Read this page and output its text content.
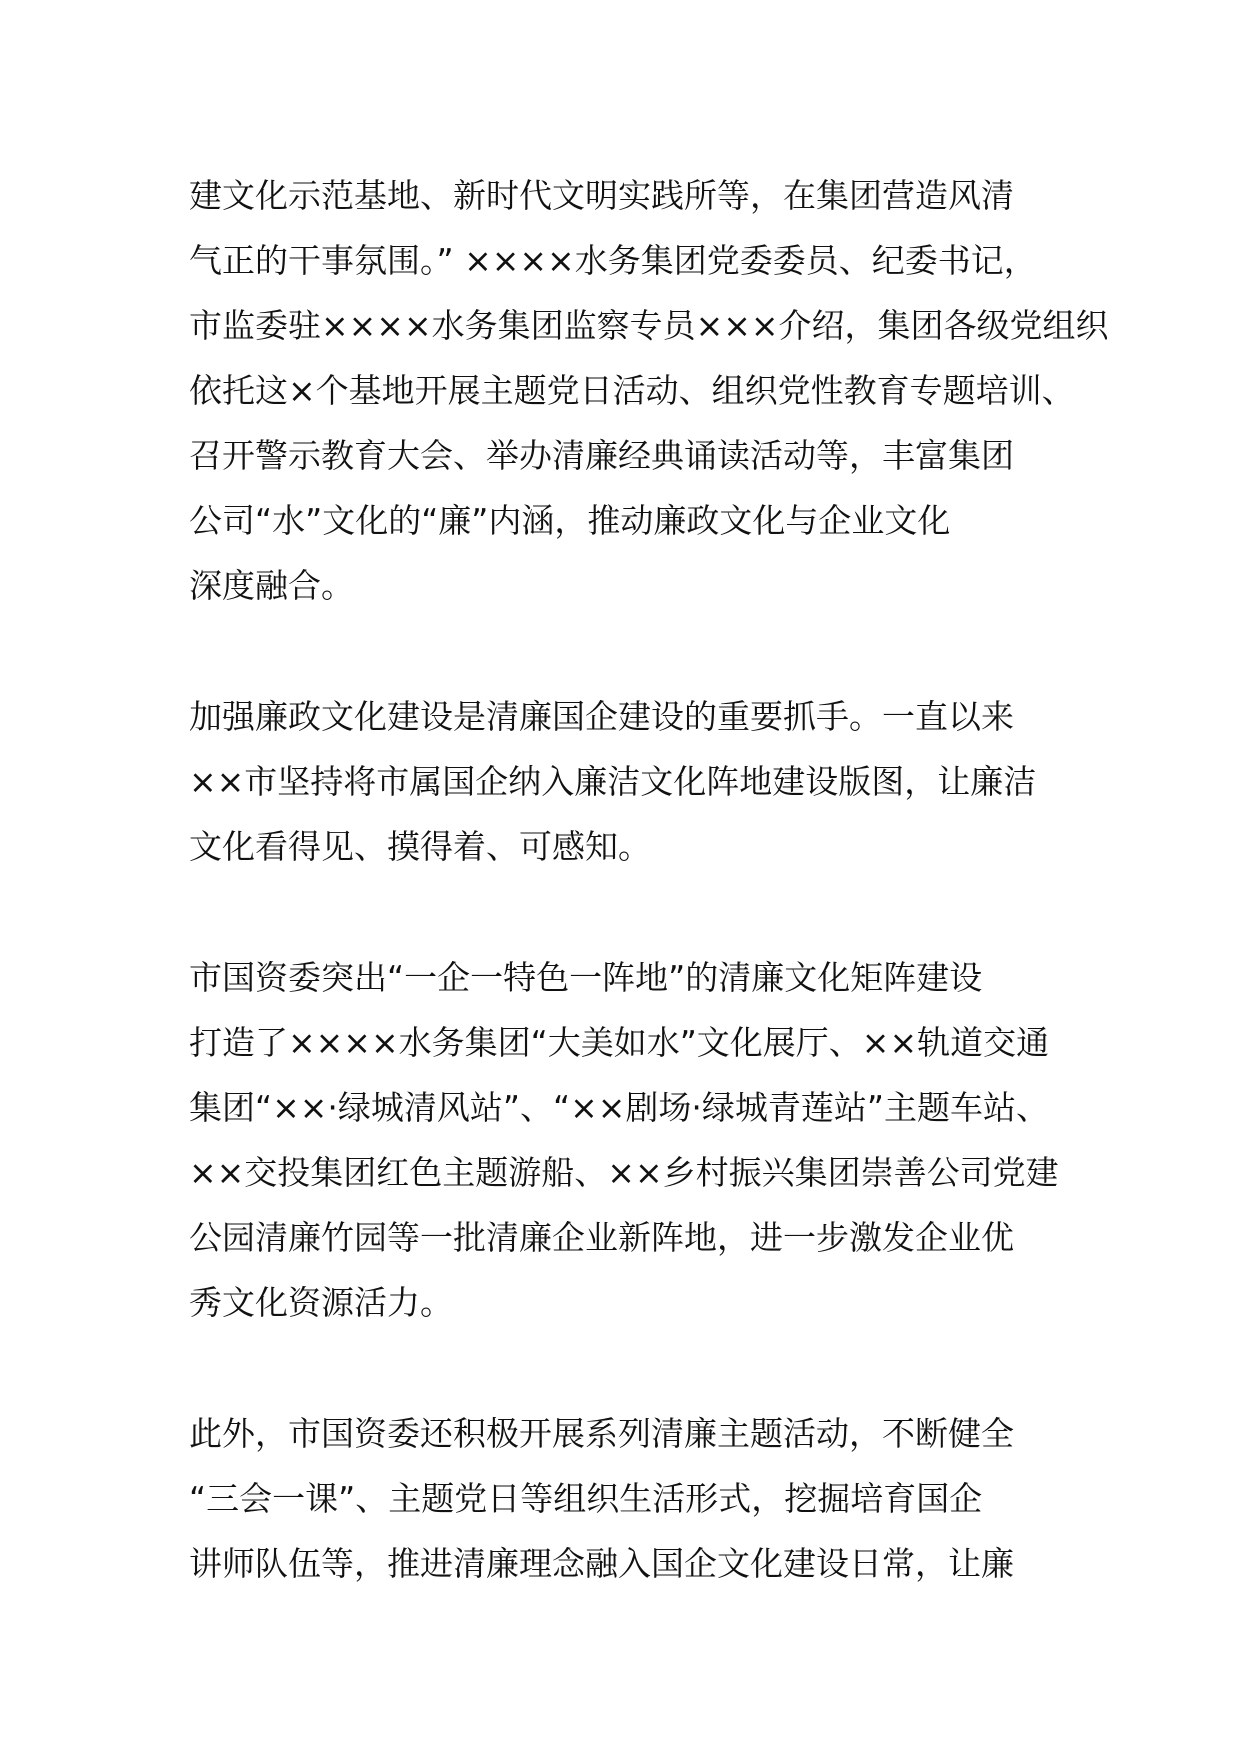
建文化示范基地、新时代文明实践所等，在集团营造风清
气正的干事氛围。” ××××水务集团党委委员、纪委书记，
市监委驻××××水务集团监察专员×××介绍，集团各级党组织
依托这×个基地开展主题党日活动、组织党性教育专题培训、
召开警示教育大会、举办清廉经典诵读活动等，丰富集团
公司“水”文化的“廉”内涵，推动廉政文化与企业文化
深度融合。

加强廉政文化建设是清廉国企建设的重要抓手。一直以来
××市坚持将市属国企纳入廉洁文化阵地建设版图，让廉洁
文化看得见、摸得着、可感知。

市国资委突出“一企一特色一阵地”的清廉文化矩阵建设
打造了××××水务集团“大美如水”文化展厅、××轨道交通
集团“××·绿城清风站”、“××剧场·绿城青莲站”主题车站、
××交投集团红色主题游船、××乡村振兴集团崇善公司党建
公园清廉竹园等一批清廉企业新阵地，进一步激发企业优
秀文化资源活力。

此外，市国资委还积极开展系列清廉主题活动，不断健全
“三会一课”、主题党日等组织生活形式，挖掘培育国企
讲师队伍等，推进清廉理念融入国企文化建设日常，让廉
